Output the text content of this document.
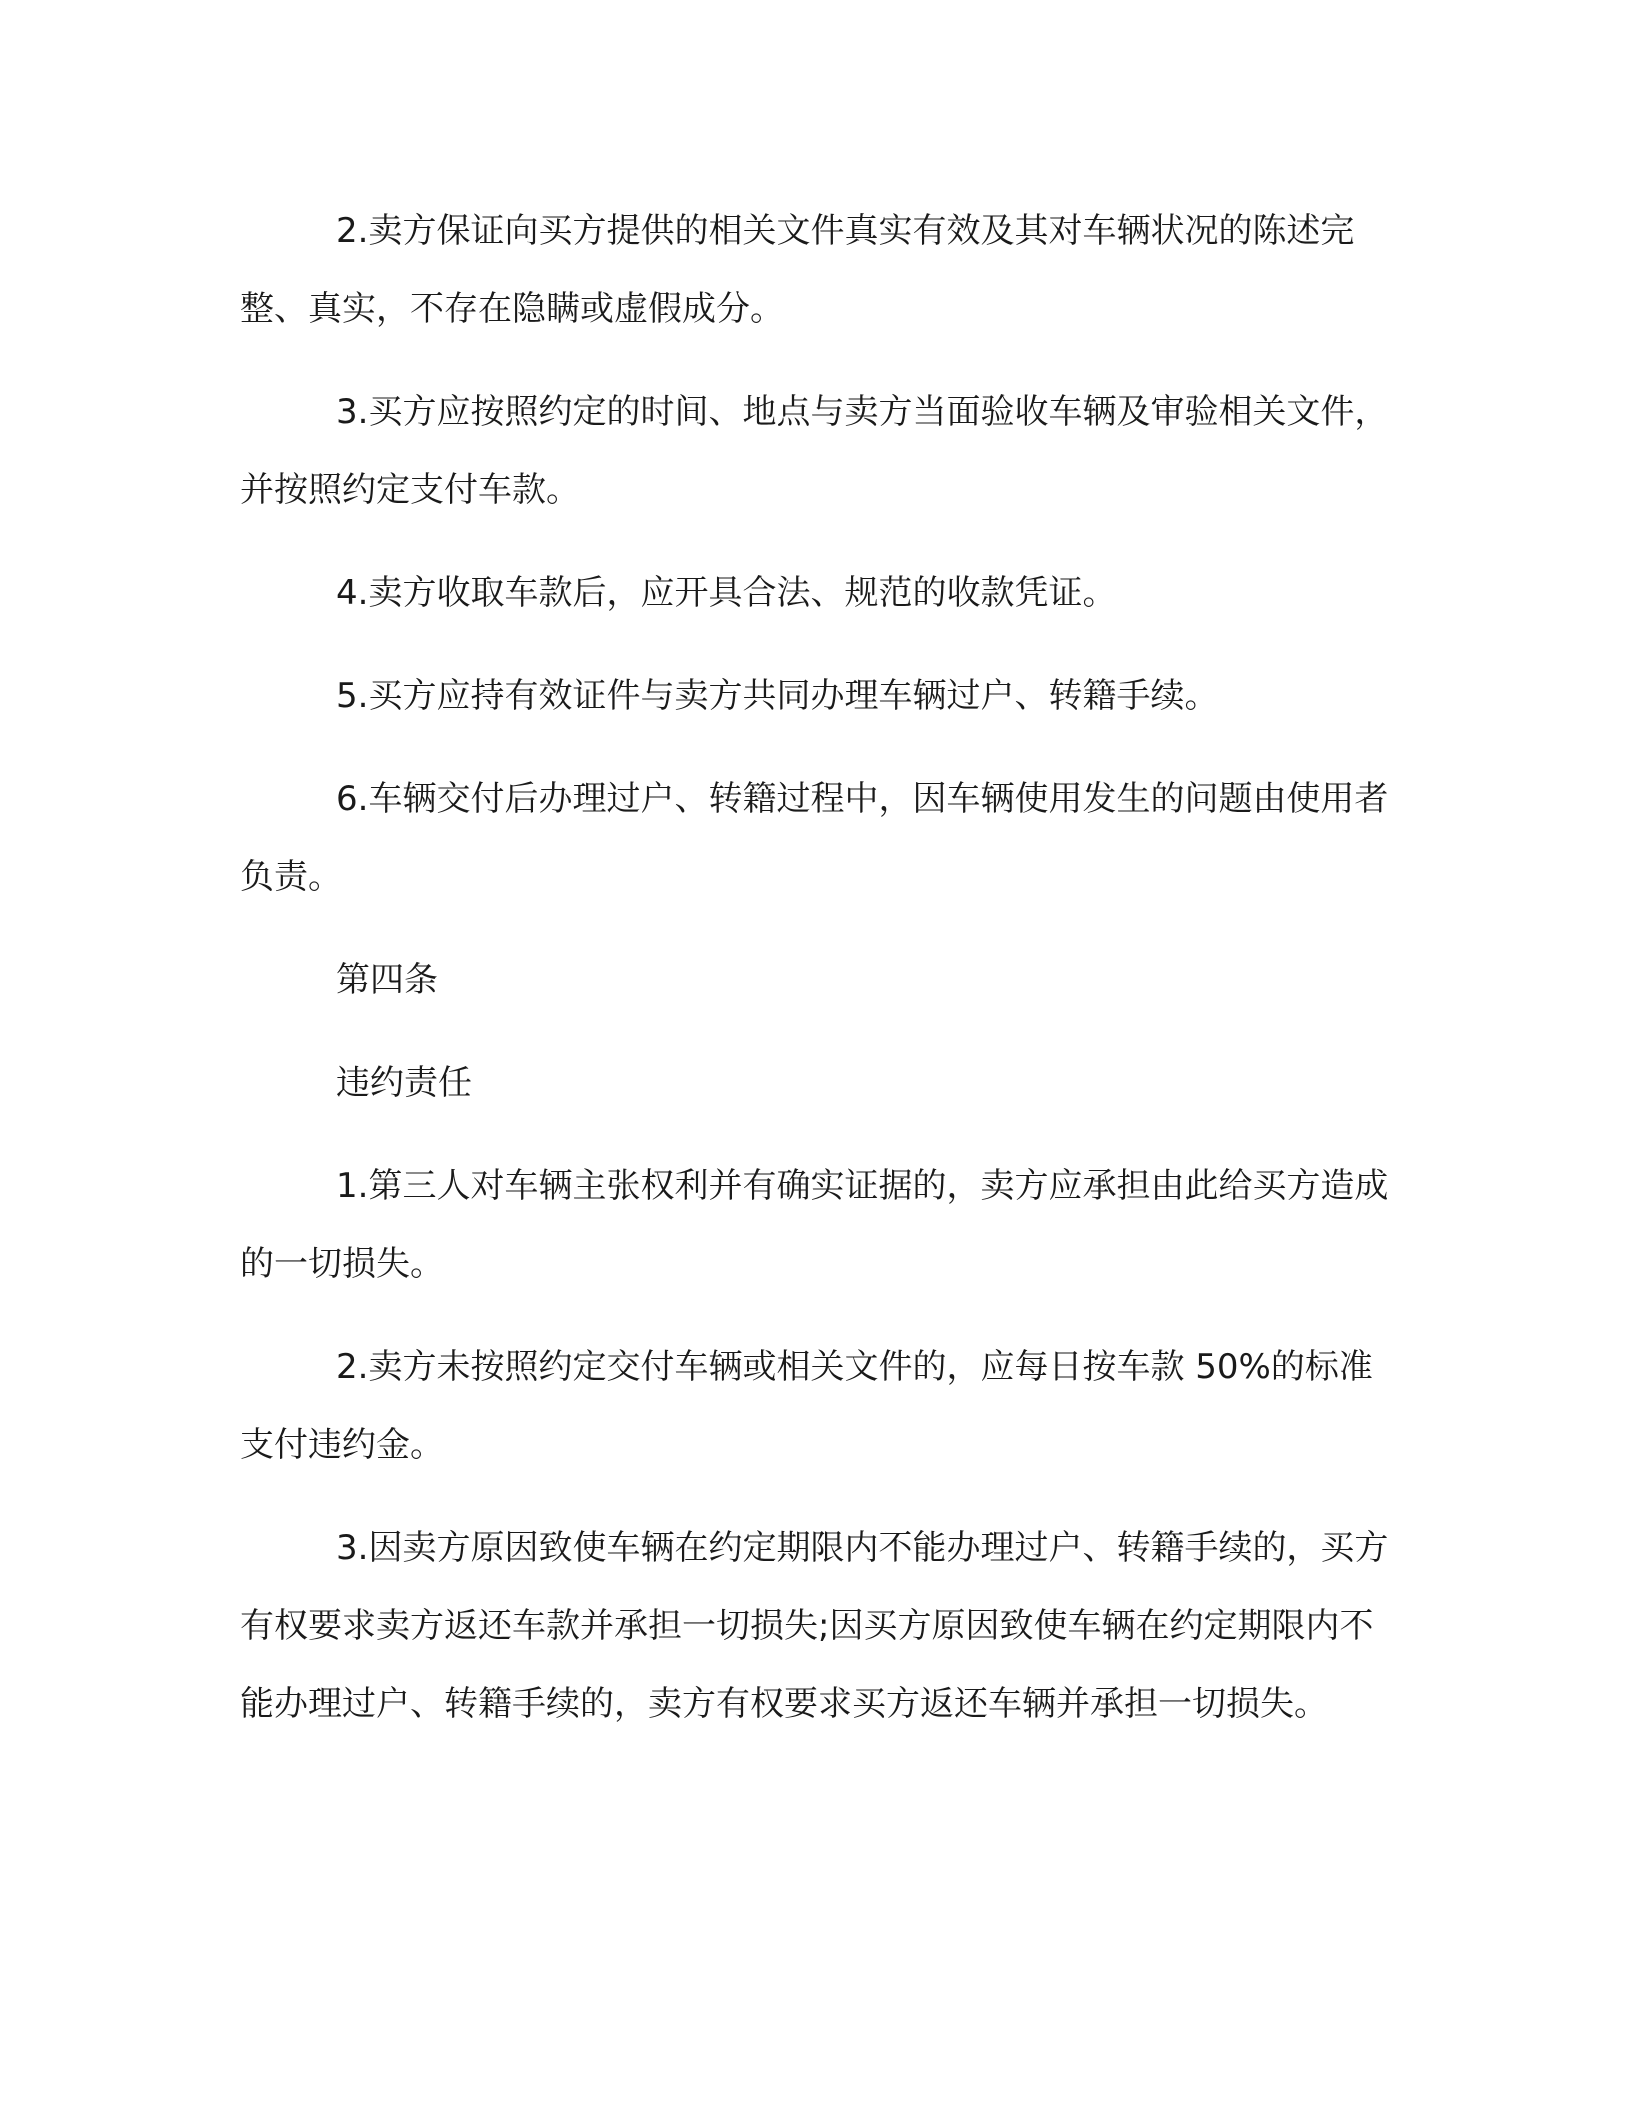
2.卖方保证向买方提供的相关文件真实有效及其对车辆状况的陈述完整、真实，不存在隐瞒或虚假成分。

3.买方应按照约定的时间、地点与卖方当面验收车辆及审验相关文件，并按照约定支付车款。

4.卖方收取车款后，应开具合法、规范的收款凭证。

5.买方应持有效证件与卖方共同办理车辆过户、转籍手续。

6.车辆交付后办理过户、转籍过程中，因车辆使用发生的问题由使用者负责。

第四条

违约责任

1.第三人对车辆主张权利并有确实证据的，卖方应承担由此给买方造成的一切损失。

2.卖方未按照约定交付车辆或相关文件的，应每日按车款 50%的标准支付违约金。

3.因卖方原因致使车辆在约定期限内不能办理过户、转籍手续的，买方有权要求卖方返还车款并承担一切损失;因买方原因致使车辆在约定期限内不能办理过户、转籍手续的，卖方有权要求买方返还车辆并承担一切损失。
